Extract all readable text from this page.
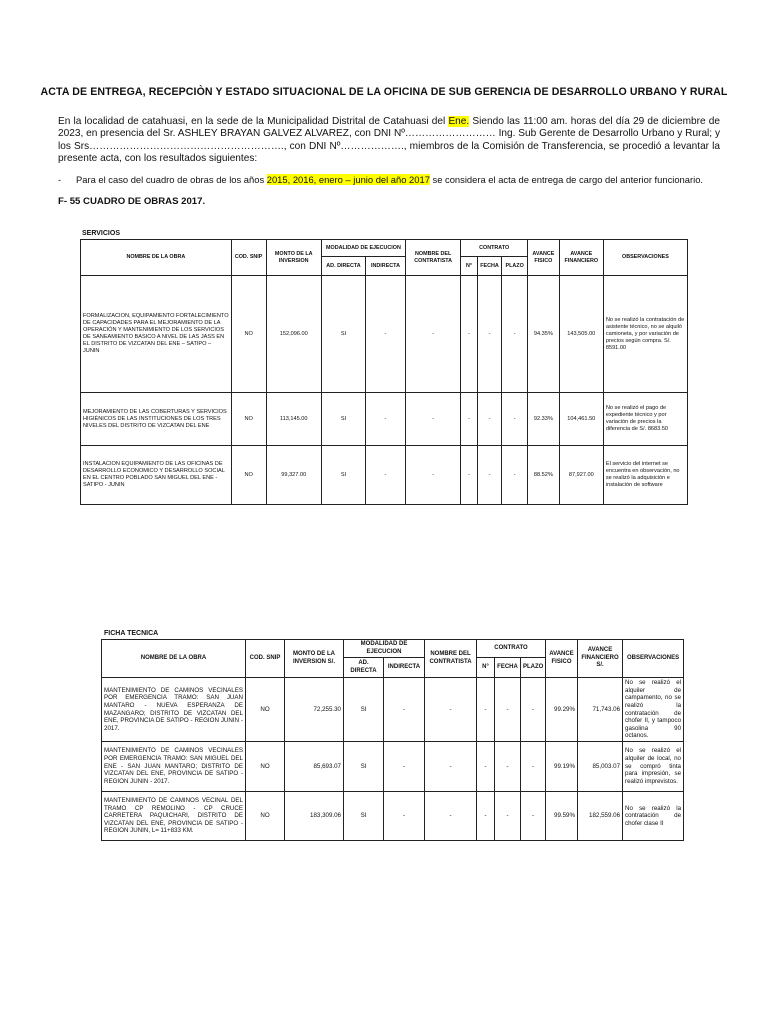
ACTA DE ENTREGA, RECEPCIÒN Y ESTADO SITUACIONAL DE LA OFICINA DE SUB GERENCIA DE DESARROLLO URBANO Y RURAL

En la localidad de catahuasi, en la sede de la Municipalidad Distrital de Catahuasi del Ene. Siendo las 11:00 am. horas del día 29 de diciembre de 2023, en presencia del Sr. ASHLEY BRAYAN GALVEZ ALVAREZ, con DNI Nº……………………… Ing. Sub Gerente de Desarrollo Urbano y Rural; y los Srs…………………………………………………., con DNI Nº………………., miembros de la Comisión de Transferencia, se procedió a levantar la presente acta, con los resultados siguientes:

- Para el caso del cuadro de obras de los años 2015, 2016, enero – junio del año 2017 se considera el acta de entrega de cargo del anterior funcionario.
F- 55 CUADRO DE OBRAS 2017.
SERVICIOS
NOMBRE DE LA OBRA	COD. SNIP	MONTO DE LA INVERSION	MODALIDAD DE EJECUCION		NOMBRE DEL CONTRATISTA	CONTRATO			AVANCE FISICO	AVANCE FINANCIERO	OBSERVACIONES
			AD. DIRECTA	INDIRECTA		N°	FECHA	PLAZO			
FORMALIZACION, EQUIPAMIENTO FORTALECIMIENTO DE CAPACIDADES PARA EL MEJORAMIENTO DE LA OPERACIÓN Y MANTENIMIENTO DE LOS SERVICIOS DE SANEAMIENTO BASICO A NIVEL DE LAS JASS EN EL DISTRITO DE VIZCATAN DEL ENE – SATIPO – JUNIN	NO	152,096.00	SI	-	-	-	-	-	94.35%	143,505.00	No se realizó la contratación de asistente técnico, no se alquiló camioneta, y por variación de precios según compra. S/. 8591.00
MEJORAMIENTO DE LAS COBERTURAS Y SERVICIOS HIGIÉNICOS DE LAS INSTITUCIONES DE LOS TRES NIVELES DEL DISTRITO DE VIZCATAN DEL ENE	NO	113,145.00	SI	-	-	-	-	-	92.33%	104,461.50	No se realizó el pago de expediente técnico y por variación de precios la diferencia de S/. 8683.50
INSTALACION EQUIPAMIENTO DE LAS OFICINAS DE DESARROLLO ECONOMICO Y DESARROLLO SOCIAL EN EL CENTRO POBLADO SAN MIGUEL DEL ENE - SATIPO - JUNIN	NO	99,327.00	SI	-	-	-	-	-	88.52%	87,927.00	El servicio del internet se encuentra en observación, no se realizó la adquisición e instalación de software
FICHA TECNICA
NOMBRE DE LA OBRA	COD. SNIP	MONTO DE LA INVERSION S/.	MODALIDAD DE EJECUCION		NOMBRE DEL CONTRATISTA	CONTRATO			AVANCE FISICO	AVANCE FINANCIERO S/.	OBSERVACIONES
			AD. DIRECTA	INDIRECTA		N°	FECHA	PLAZO			
MANTENIMIENTO DE CAMINOS VECINALES POR EMERGENCIA TRAMO: SAN JUAN MANTARO - NUEVA ESPERANZA DE MAZANGARO; DISTRITO DE VIZCATAN DEL ENE, PROVINCIA DE SATIPO - REGION JUNIN - 2017.	NO	72,255.30	SI	-	-	-	-	-	99.29%	71,743.06	No se realizó el alquiler de campamento, no se realizó la contratación de chofer II, y tampoco gasolina 90 octanos.
MANTENIMIENTO DE CAMINOS VECINALES POR EMERGENCIA TRAMO: SAN MIGUEL DEL ENE - SAN JUAN MANTARO; DISTRITO DE VIZCATAN DEL ENE, PROVINCIA DE SATIPO - REGION JUNIN - 2017.	NO	85,693.07	SI	-	-	-	-	-	99.19%	85,003.07	No se realizó el alquiler de local, no se compró tinta para impresión, se realizó imprevistos.
MANTENIMIENTO DE CAMINOS VECINAL DEL TRAMO CP REMOLINO - CP CRUCE CARRETERA PAQUICHARI, DISTRITO DE VIZCATAN DEL ENE, PROVINCIA DE SATIPO - REGION JUNIN, L= 11+833 KM.	NO	183,309.06	SI	-	-	-	-	-	99.59%	182,559.06	No se realizó la contratación de chofer clase II
